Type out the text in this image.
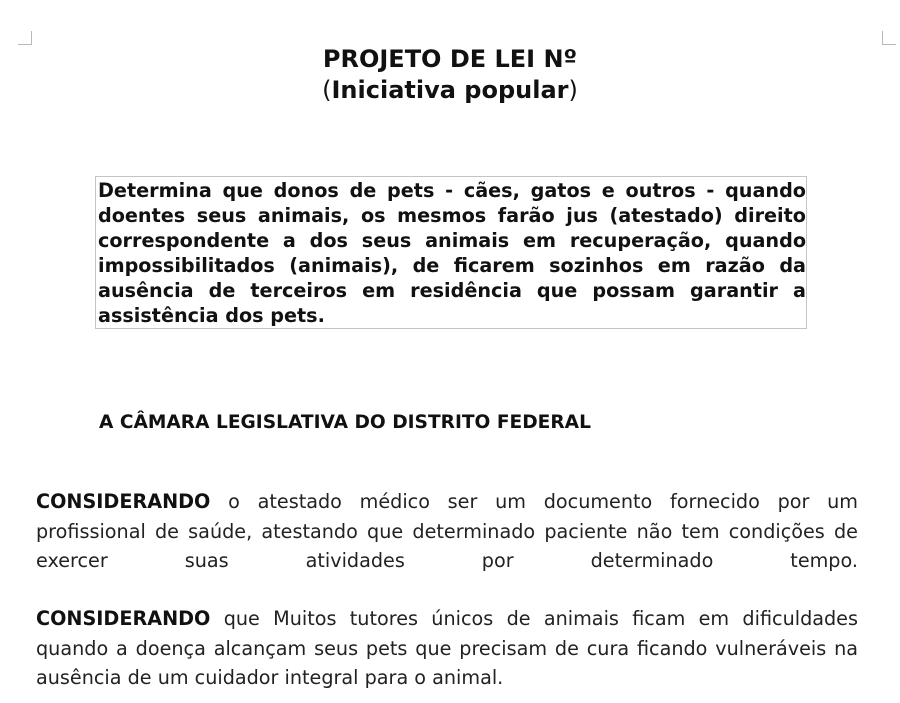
PROJETO DE LEI Nº
(Iniciativa popular)

Determina que donos de pets - cães, gatos e outros - quando doentes seus animais, os mesmos farão jus (atestado) direito correspondente a dos seus animais em recuperação, quando impossibilitados (animais), de ficarem sozinhos em razão da ausência de terceiros em residência que possam garantir a assistência dos pets.

A CÂMARA LEGISLATIVA DO DISTRITO FEDERAL

CONSIDERANDO o atestado médico ser um documento fornecido por um profissional de saúde, atestando que determinado paciente não tem condições de exercer suas atividades por determinado tempo.

CONSIDERANDO que Muitos tutores únicos de animais ficam em dificuldades quando a doença alcançam seus pets que precisam de cura ficando vulneráveis na ausência de um cuidador integral para o animal.
